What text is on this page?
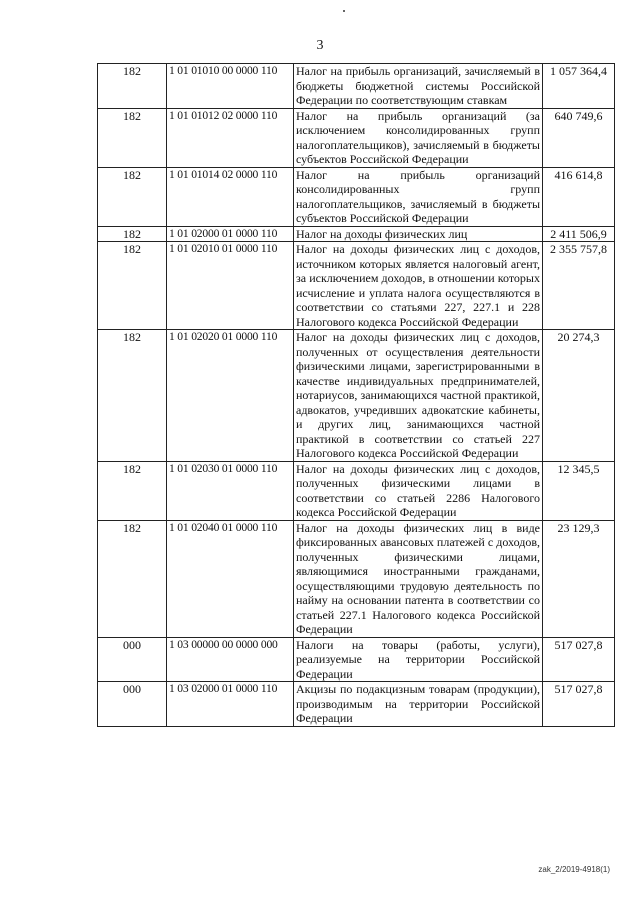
3
182	1 01 01010 00 0000 110	Налог на прибыль организаций, зачисляемый в бюджеты бюджетной системы Российской Федерации по соответствующим ставкам	1 057 364,4
182	1 01 01012 02 0000 110	Налог на прибыль организаций (за исключением консолидированных групп налогоплательщиков), зачисляемый в бюджеты субъектов Российской Федерации	640 749,6
182	1 01 01014 02 0000 110	Налог на прибыль организаций консолидированных групп налогоплательщиков, зачисляемый в бюджеты субъектов Российской Федерации	416 614,8
182	1 01 02000 01 0000 110	Налог на доходы физических лиц	2 411 506,9
182	1 01 02010 01 0000 110	Налог на доходы физических лиц с доходов, источником которых является налоговый агент, за исключением доходов, в отношении которых исчисление и уплата налога осуществляются в соответствии со статьями 227, 227.1 и 228 Налогового кодекса Российской Федерации	2 355 757,8
182	1 01 02020 01 0000 110	Налог на доходы физических лиц с доходов, полученных от осуществления деятельности физическими лицами, зарегистрированными в качестве индивидуальных предпринимателей, нотариусов, занимающихся частной практикой, адвокатов, учредивших адвокатские кабинеты, и других лиц, занимающихся частной практикой в соответствии со статьей 227 Налогового кодекса Российской Федерации	20 274,3
182	1 01 02030 01 0000 110	Налог на доходы физических лиц с доходов, полученных физическими лицами в соответствии со статьей 2286 Налогового кодекса Российской Федерации	12 345,5
182	1 01 02040 01 0000 110	Налог на доходы физических лиц в виде фиксированных авансовых платежей с доходов, полученных физическими лицами, являющимися иностранными гражданами, осуществляющими трудовую деятельность по найму на основании патента в соответствии со статьей 227.1 Налогового кодекса Российской Федерации	23 129,3
000	1 03 00000 00 0000 000	Налоги на товары (работы, услуги), реализуемые на территории Российской Федерации	517 027,8
000	1 03 02000 01 0000 110	Акцизы по подакцизным товарам (продукции), производимым на территории Российской Федерации	517 027,8
zak_2/2019-4918(1)
